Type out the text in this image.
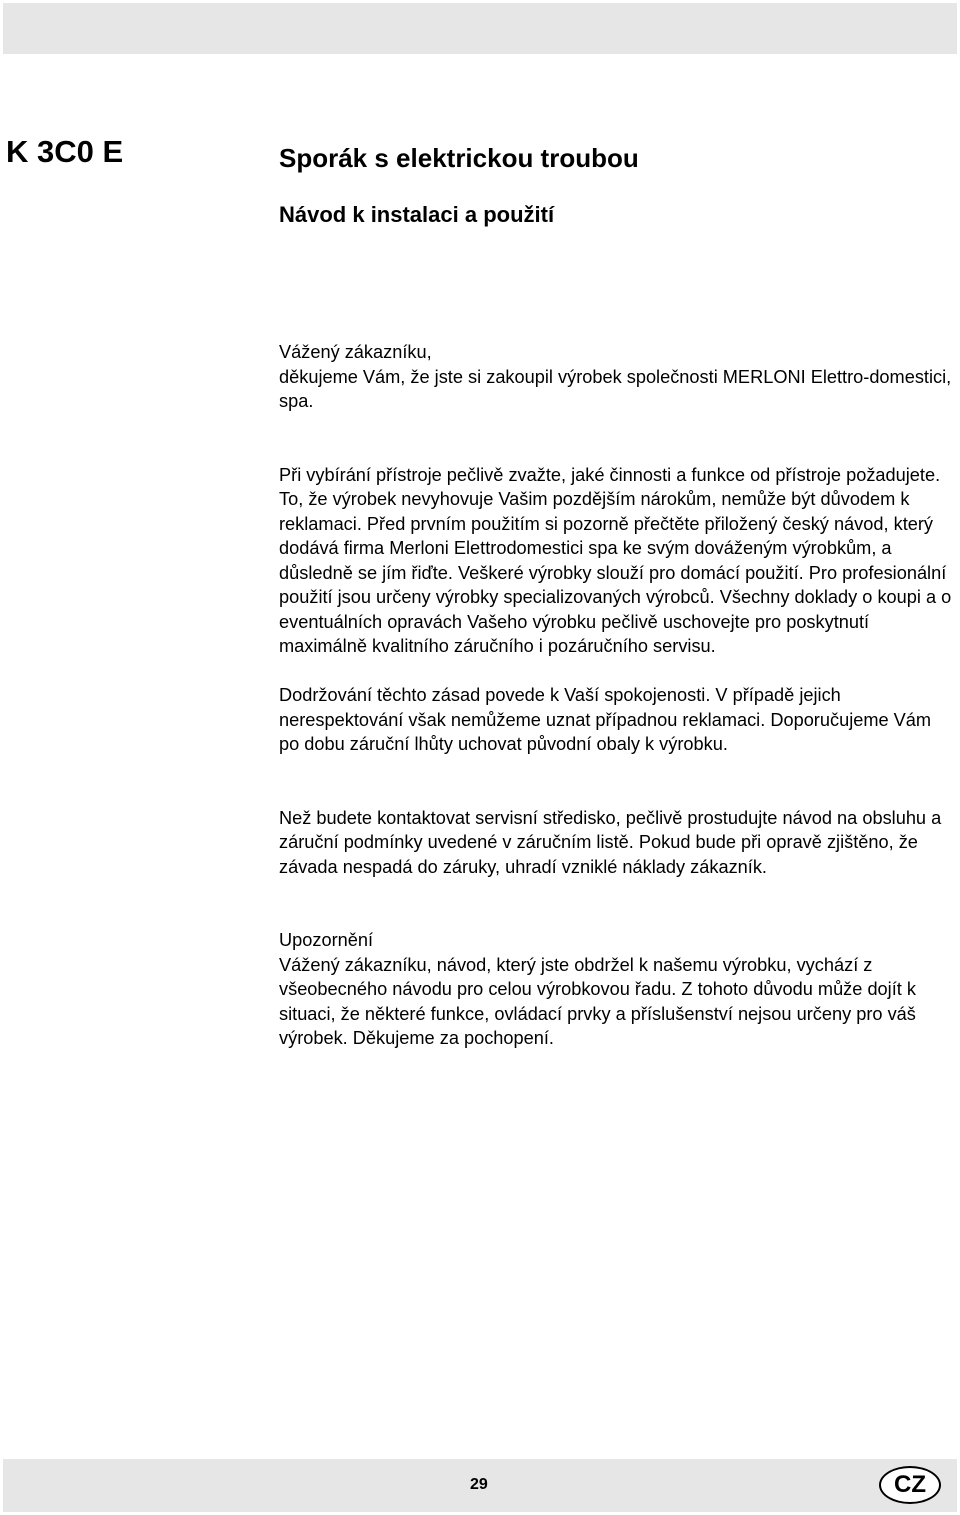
K 3C0 E	Sporák s elektrickou troubou
Návod k instalaci a použití

Vážený zákazníku,
děkujeme Vám, že jste si zakoupil výrobek společnosti MERLONI Elettro-domestici, spa.

Při vybírání přístroje pečlivě zvažte, jaké činnosti a funkce od přístroje požadujete. To, že výrobek nevyhovuje Vašim pozdějším nárokům, nemůže být důvodem k reklamaci. Před prvním použitím si pozorně přečtěte přiložený český návod, který dodává firma Merloni Elettrodomestici spa ke svým dováženým výrobkům, a důsledně se jím řiďte. Veškeré výrobky slouží pro domácí použití. Pro profesionální použití jsou určeny výrobky specializovaných výrobců. Všechny doklady o koupi a o eventuálních opravách Vašeho výrobku pečlivě uschovejte pro poskytnutí maximálně kvalitního záručního i pozáručního servisu.

Dodržování těchto zásad povede k Vaší spokojenosti. V případě jejich nerespektování však nemůžeme uznat případnou reklamaci. Doporučujeme Vám po dobu záruční lhůty uchovat původní obaly k výrobku.

Než budete kontaktovat servisní středisko, pečlivě prostudujte návod na obsluhu a záruční podmínky uvedené v záručním listě. Pokud bude při opravě zjištěno, že závada nespadá do záruky, uhradí vzniklé náklady zákazník.

Upozornění

Vážený zákazníku, návod, který jste obdržel k našemu výrobku, vychází z všeobecného návodu pro celou výrobkovou řadu. Z tohoto důvodu může dojít k situaci, že některé funkce, ovládací prvky a příslušenství nejsou určeny pro váš výrobek. Děkujeme za pochopení.

29	CZ
